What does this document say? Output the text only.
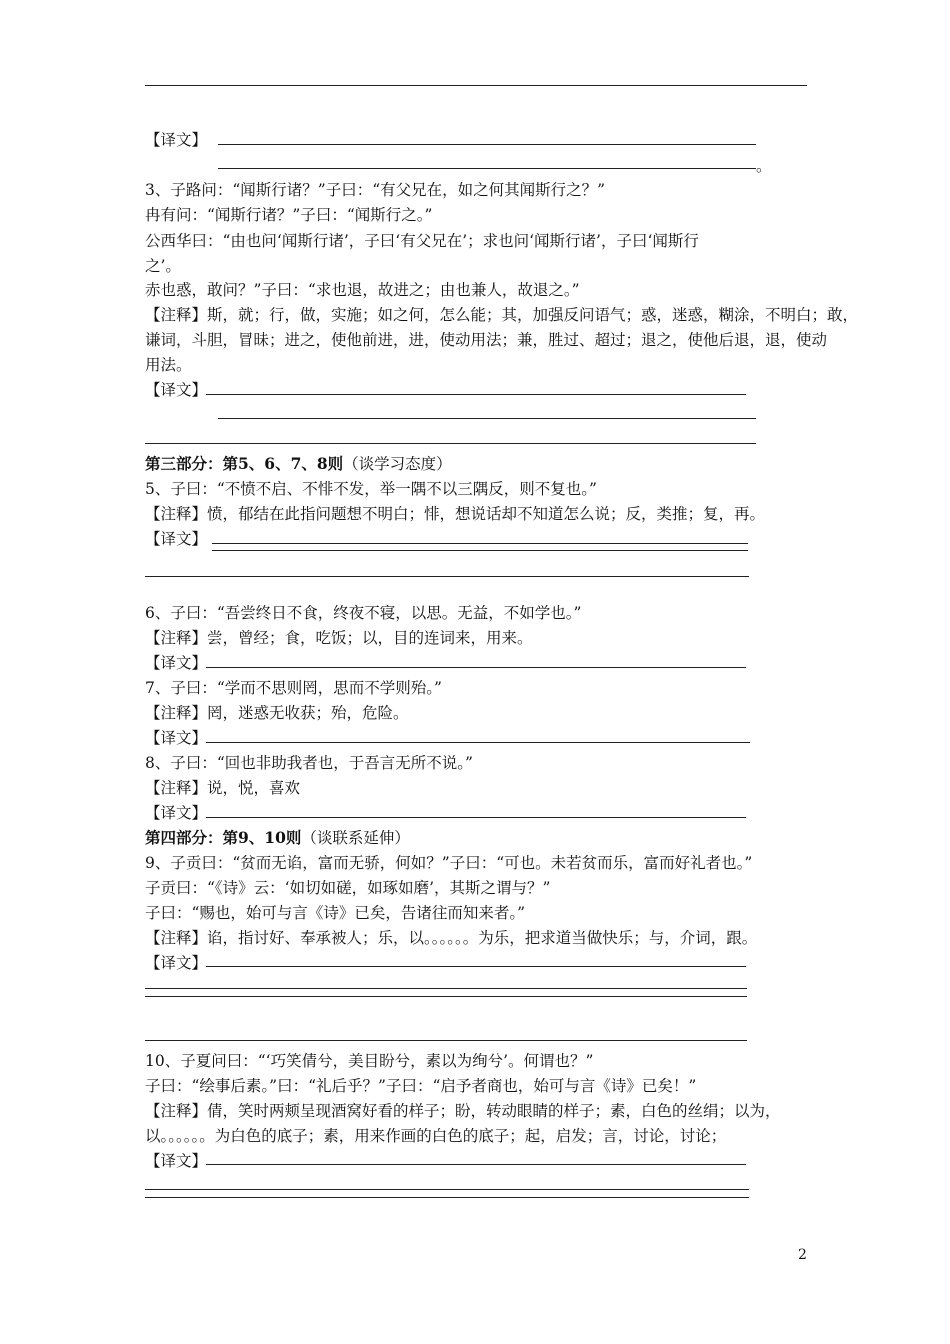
【译文】
。
3、子路问：“闻斯行诸？”子曰：“有父兄在，如之何其闻斯行之？”
冉有问：“闻斯行诸？”子曰：“闻斯行之。”
公西华曰：“由也问‘闻斯行诸’，子曰‘有父兄在’；求也问‘闻斯行诸’，子曰‘闻斯行
之’。
赤也惑，敢问？”子曰：“求也退，故进之；由也兼人，故退之。”
【注释】斯，就；行，做，实施；如之何，怎么能；其，加强反问语气；惑，迷惑，糊涂，不明白；敢，
谦词，斗胆，冒昧；进之，使他前进，进，使动用法；兼，胜过、超过；退之，使他后退，退，使动
用法。
【译文】
第三部分：第5、6、7、8则（谈学习态度）
5、子曰：“不愤不启、不悱不发，举一隅不以三隅反，则不复也。”
【注释】愤，郁结在此指问题想不明白；悱，想说话却不知道怎么说；反，类推；复，再。
【译文】
6、子曰：“吾尝终日不食，终夜不寝，以思。无益，不如学也。”
【注释】尝，曾经；食，吃饭；以，目的连词来，用来。
【译文】
7、子曰：“学而不思则罔，思而不学则殆。”
【注释】罔，迷惑无收获；殆，危险。
【译文】
8、子曰：“回也非助我者也，于吾言无所不说。”
【注释】说，悦，喜欢
【译文】
第四部分：第9、10则（谈联系延伸）
9、子贡曰：“贫而无谄，富而无骄，何如？”子曰：“可也。未若贫而乐，富而好礼者也。”
子贡曰：“《诗》云：‘如切如磋，如琢如磨’，其斯之谓与？”
子曰：“赐也，始可与言《诗》已矣，告诸往而知来者。”
【注释】谄，指讨好、奉承被人；乐，以。。。。。。为乐，把求道当做快乐；与，介词，跟。
【译文】
10、子夏问曰：“‘巧笑倩兮，美目盼兮，素以为绚兮’。何谓也？”
子曰：“绘事后素。”曰：“礼后乎？”子曰：“启予者商也，始可与言《诗》已矣！”
【注释】倩，笑时两颊呈现酒窝好看的样子；盼，转动眼睛的样子；素，白色的丝绢；以为，
以。。。。。。为白色的底子；素，用来作画的白色的底子；起，启发；言，讨论，讨论；
【译文】
2
